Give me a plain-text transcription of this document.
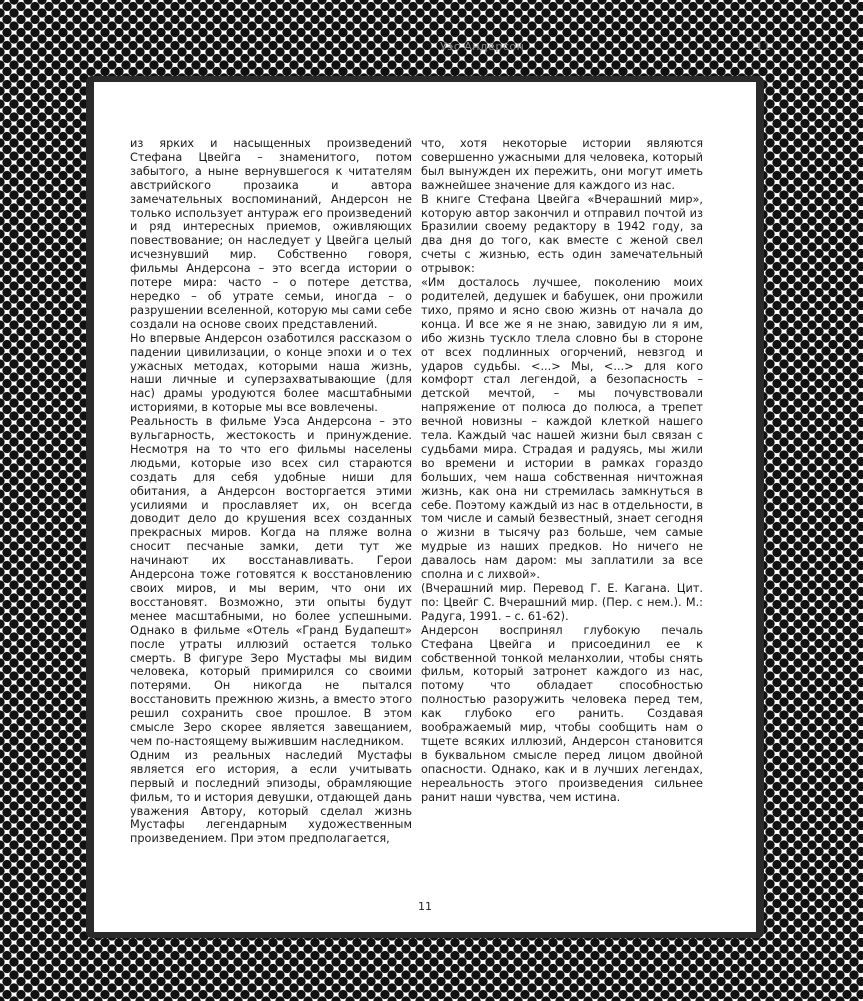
из ярких и насыщенных произведений Стефана Цвейга – знаменитого, потом забытого, а ныне вернувшегося к читателям австрийского прозаика и автора замечательных воспоминаний, Андерсон не только использует антураж его произведений и ряд интересных приемов, оживляющих повествование; он наследует у Цвейга целый исчезнувший мир. Собственно говоря, фильмы Андерсона – это всегда истории о потере мира: часто – о потере детства, нередко – об утрате семьи, иногда – о разрушении вселенной, которую мы сами себе создали на основе своих представлений.

Но впервые Андерсон озаботился рассказом о падении цивилизации, о конце эпохи и о тех ужасных методах, которыми наша жизнь, наши личные и суперзахватывающие (для нас) драмы уродуются более масштабными историями, в которые мы все вовлечены.

Реальность в фильме Уэса Андерсона – это вульгарность, жестокость и принуждение. Несмотря на то что его фильмы населены людьми, которые изо всех сил стараются создать для себя удобные ниши для обитания, а Андерсон восторгается этими усилиями и прославляет их, он всегда доводит дело до крушения всех созданных прекрасных миров. Когда на пляже волна сносит песчаные замки, дети тут же начинают их восстанавливать. Герои Андерсона тоже готовятся к восстановлению своих миров, и мы верим, что они их восстановят. Возможно, эти опыты будут менее масштабными, но более успешными. Однако в фильме «Отель «Гранд Будапешт» после утраты иллюзий остается только смерть. В фигуре Зеро Мустафы мы видим человека, который примирился со своими потерями. Он никогда не пытался восстановить прежнюю жизнь, а вместо этого решил сохранить свое прошлое. В этом смысле Зеро скорее является завещанием, чем по-настоящему выжившим наследником.

Одним из реальных наследий Мустафы является его история, а если учитывать первый и последний эпизоды, обрамляющие фильм, то и история девушки, отдающей дань уважения Автору, который сделал жизнь Мустафы легендарным художественным произведением. При этом предполагается,

что, хотя некоторые истории являются совершенно ужасными для человека, который был вынужден их пережить, они могут иметь важнейшее значение для каждого из нас.

В книге Стефана Цвейга «Вчерашний мир», которую автор закончил и отправил почтой из Бразилии своему редактору в 1942 году, за два дня до того, как вместе с женой свел счеты с жизнью, есть один замечательный отрывок:

«Им досталось лучшее, поколению моих родителей, дедушек и бабушек, они прожили тихо, прямо и ясно свою жизнь от начала до конца. И все же я не знаю, завидую ли я им, ибо жизнь тускло тлела словно бы в стороне от всех подлинных огорчений, невзгод и ударов судьбы. <...> Мы, <...> для кого комфорт стал легендой, а безопасность – детской мечтой, – мы почувствовали напряжение от полюса до полюса, а трепет вечной новизны – каждой клеткой нашего тела. Каждый час нашей жизни был связан с судьбами мира. Страдая и радуясь, мы жили во времени и истории в рамках гораздо больших, чем наша собственная ничтожная жизнь, как она ни стремилась замкнуться в себе. Поэтому каждый из нас в отдельности, в том числе и самый безвестный, знает сегодня о жизни в тысячу раз больше, чем самые мудрые из наших предков. Но ничего не давалось нам даром: мы заплатили за все сполна и с лихвой».

(Вчерашний мир. Перевод Г. Е. Кагана. Цит. по: Цвейг С. Вчерашний мир. (Пер. с нем.). М.: Радуга, 1991. – с. 61-62).

Андерсон воспринял глубокую печаль Стефана Цвейга и присоединил ее к собственной тонкой меланхолии, чтобы снять фильм, который затронет каждого из нас, потому что обладает способностью полностью разоружить человека перед тем, как глубоко его ранить. Создавая воображаемый мир, чтобы сообщить нам о тщете всяких иллюзий, Андерсон становится в буквальном смысле перед лицом двойной опасности. Однако, как и в лучших легендах, нереальность этого произведения сильнее ранит наши чувства, чем истина.

11
Уэс Андерсон	11
